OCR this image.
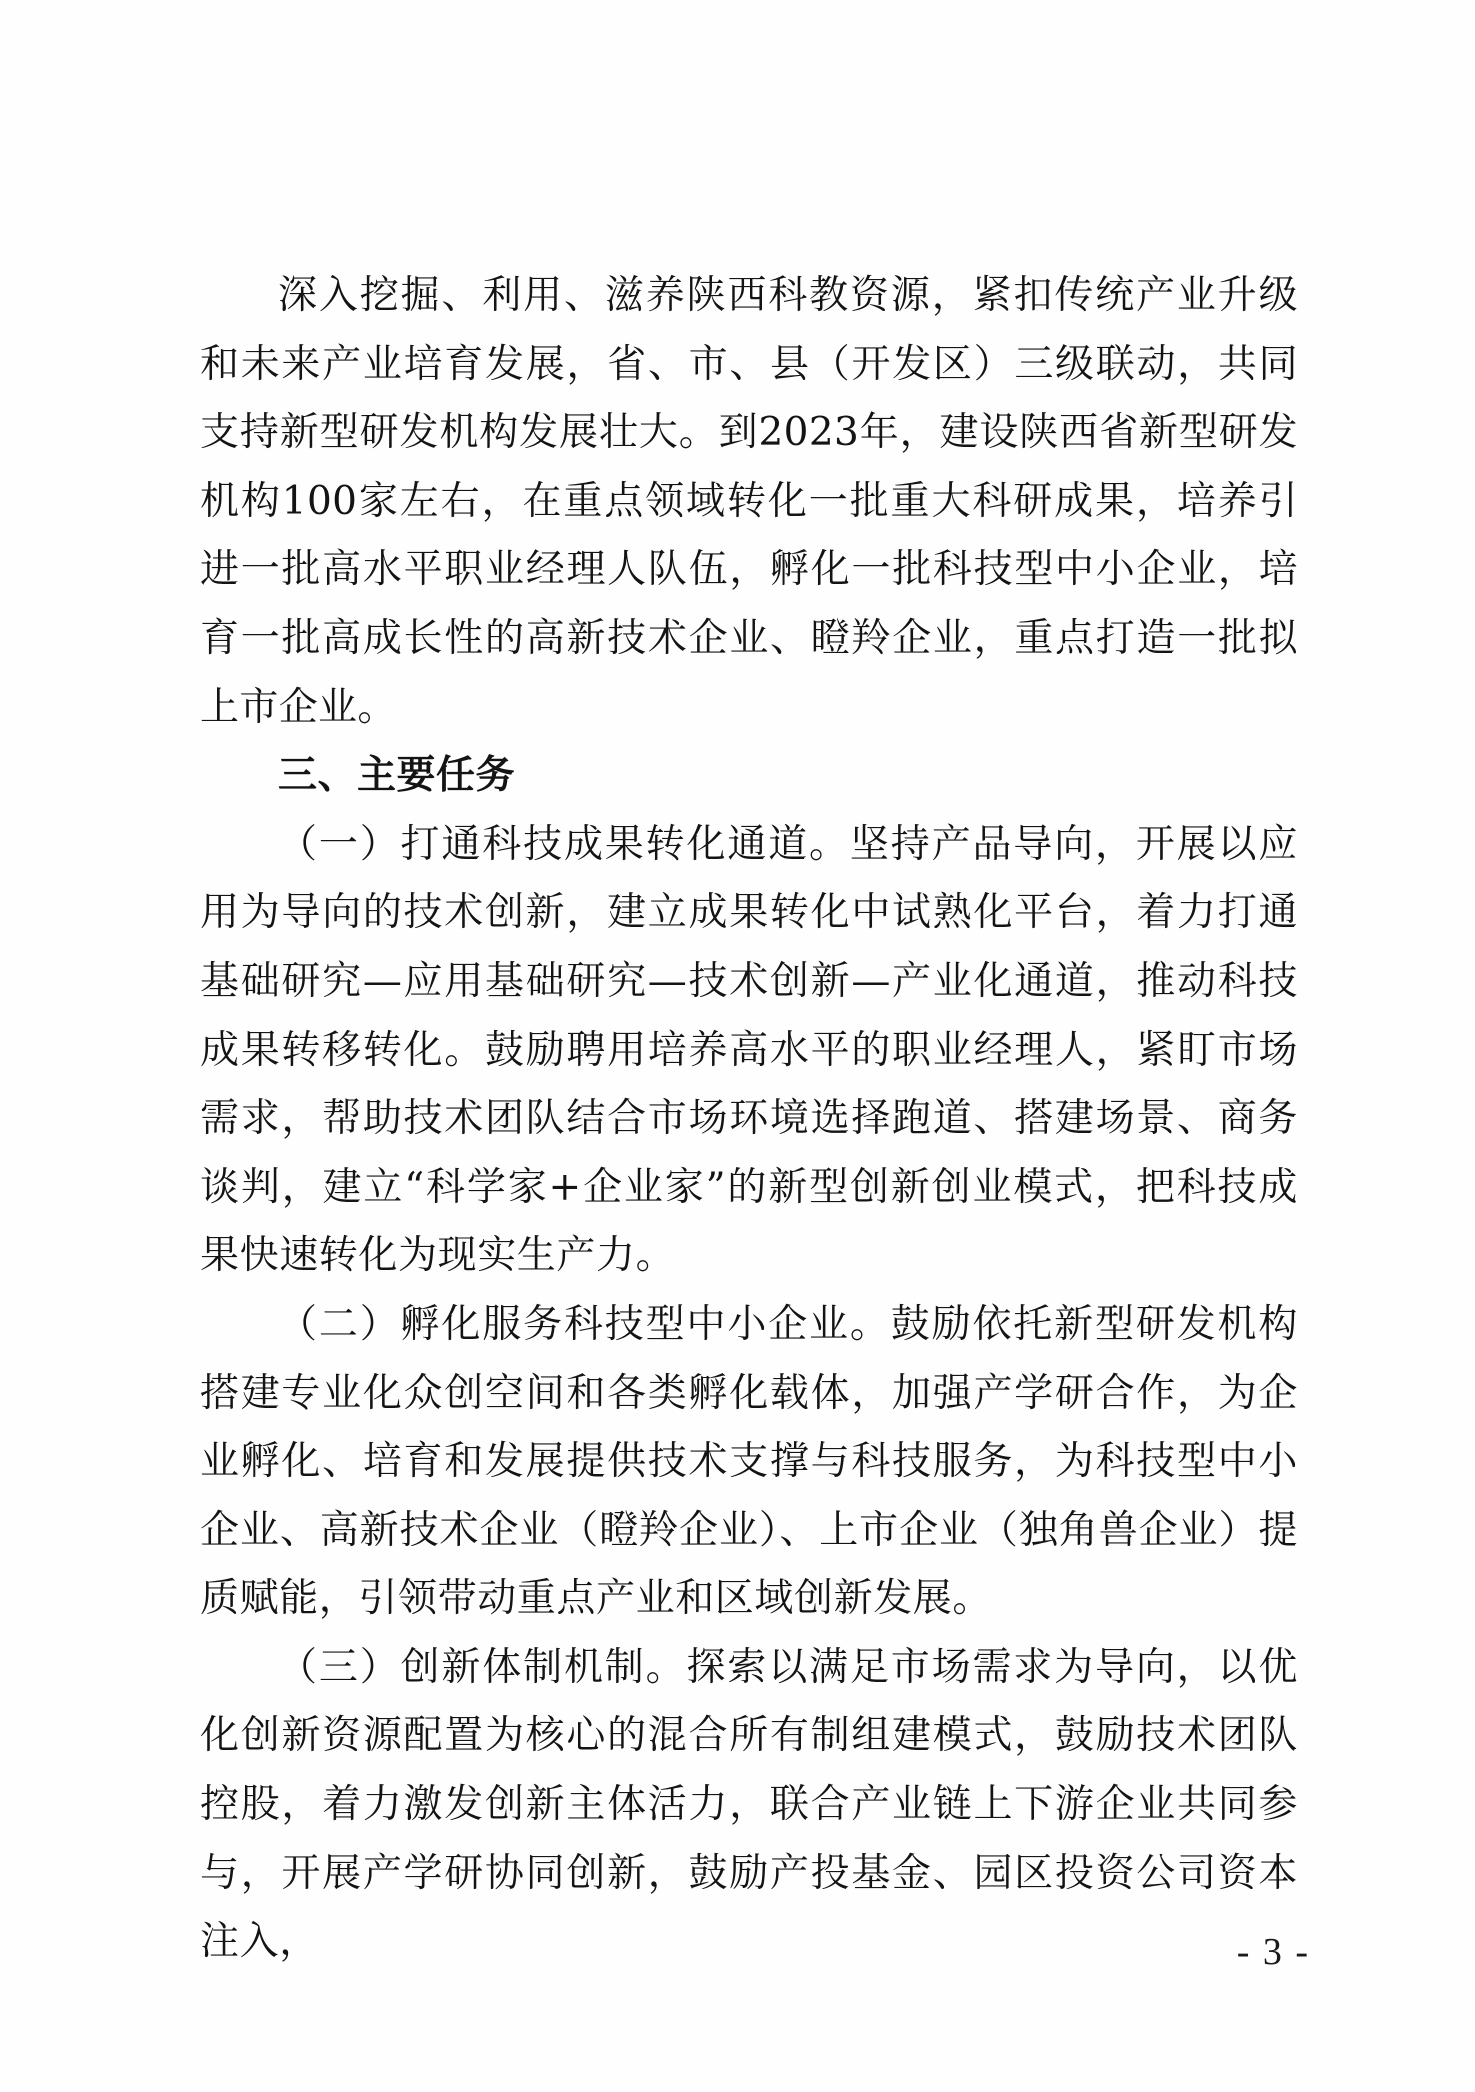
深入挖掘、利用、滋养陕西科教资源，紧扣传统产业升级和未来产业培育发展，省、市、县（开发区）三级联动，共同支持新型研发机构发展壮大。到2023年，建设陕西省新型研发机构100家左右，在重点领域转化一批重大科研成果，培养引进一批高水平职业经理人队伍，孵化一批科技型中小企业，培育一批高成长性的高新技术企业、瞪羚企业，重点打造一批拟上市企业。

三、主要任务

（一）打通科技成果转化通道。坚持产品导向，开展以应用为导向的技术创新，建立成果转化中试熟化平台，着力打通基础研究—应用基础研究—技术创新—产业化通道，推动科技成果转移转化。鼓励聘用培养高水平的职业经理人，紧盯市场需求，帮助技术团队结合市场环境选择跑道、搭建场景、商务谈判，建立“科学家+企业家”的新型创新创业模式，把科技成果快速转化为现实生产力。

（二）孵化服务科技型中小企业。鼓励依托新型研发机构搭建专业化众创空间和各类孵化载体，加强产学研合作，为企业孵化、培育和发展提供技术支撑与科技服务，为科技型中小企业、高新技术企业（瞪羚企业）、上市企业（独角兽企业）提质赋能，引领带动重点产业和区域创新发展。

（三）创新体制机制。探索以满足市场需求为导向，以优化创新资源配置为核心的混合所有制组建模式，鼓励技术团队控股，着力激发创新主体活力，联合产业链上下游企业共同参与，开展产学研协同创新，鼓励产投基金、园区投资公司资本注入，	- 3 -
